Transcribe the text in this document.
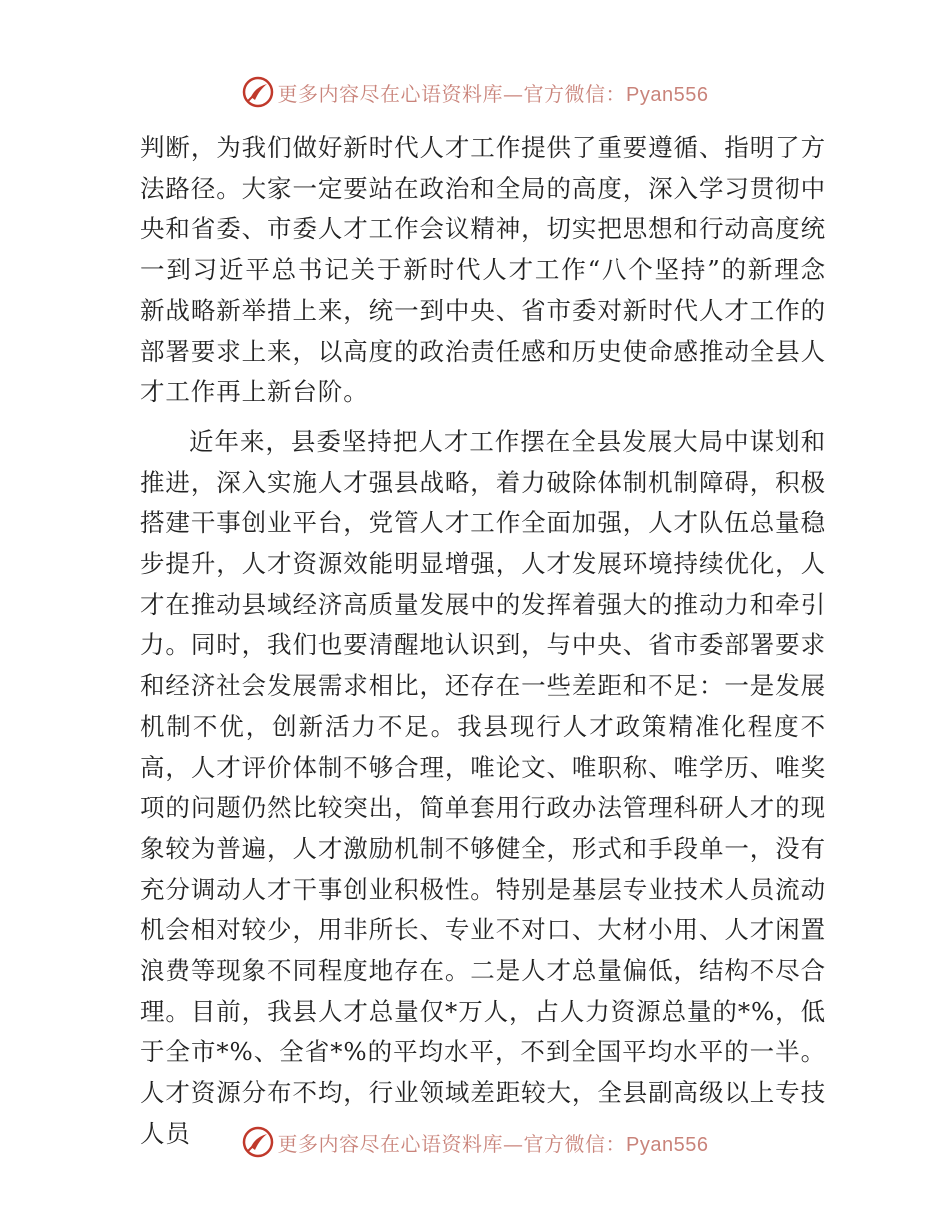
更多内容尽在心语资料库—官方微信：Pyan556

判断，为我们做好新时代人才工作提供了重要遵循、指明了方法路径。大家一定要站在政治和全局的高度，深入学习贯彻中央和省委、市委人才工作会议精神，切实把思想和行动高度统一到习近平总书记关于新时代人才工作“八个坚持”的新理念新战略新举措上来，统一到中央、省市委对新时代人才工作的部署要求上来，以高度的政治责任感和历史使命感推动全县人才工作再上新台阶。

近年来，县委坚持把人才工作摆在全县发展大局中谋划和推进，深入实施人才强县战略，着力破除体制机制障碍，积极搭建干事创业平台，党管人才工作全面加强，人才队伍总量稳步提升，人才资源效能明显增强，人才发展环境持续优化，人才在推动县域经济高质量发展中的发挥着强大的推动力和牵引力。同时，我们也要清醒地认识到，与中央、省市委部署要求和经济社会发展需求相比，还存在一些差距和不足：一是发展机制不优，创新活力不足。我县现行人才政策精准化程度不高，人才评价体制不够合理，唯论文、唯职称、唯学历、唯奖项的问题仍然比较突出，简单套用行政办法管理科研人才的现象较为普遍，人才激励机制不够健全，形式和手段单一，没有充分调动人才干事创业积极性。特别是基层专业技术人员流动机会相对较少，用非所长、专业不对口、大材小用、人才闲置浪费等现象不同程度地存在。二是人才总量偏低，结构不尽合理。目前，我县人才总量仅*万人，占人力资源总量的*%，低于全市*%、全省*%的平均水平，不到全国平均水平的一半。人才资源分布不均，行业领域差距较大，全县副高级以上专技人员	更多内容尽在心语资料库—官方微信：Pyan556
